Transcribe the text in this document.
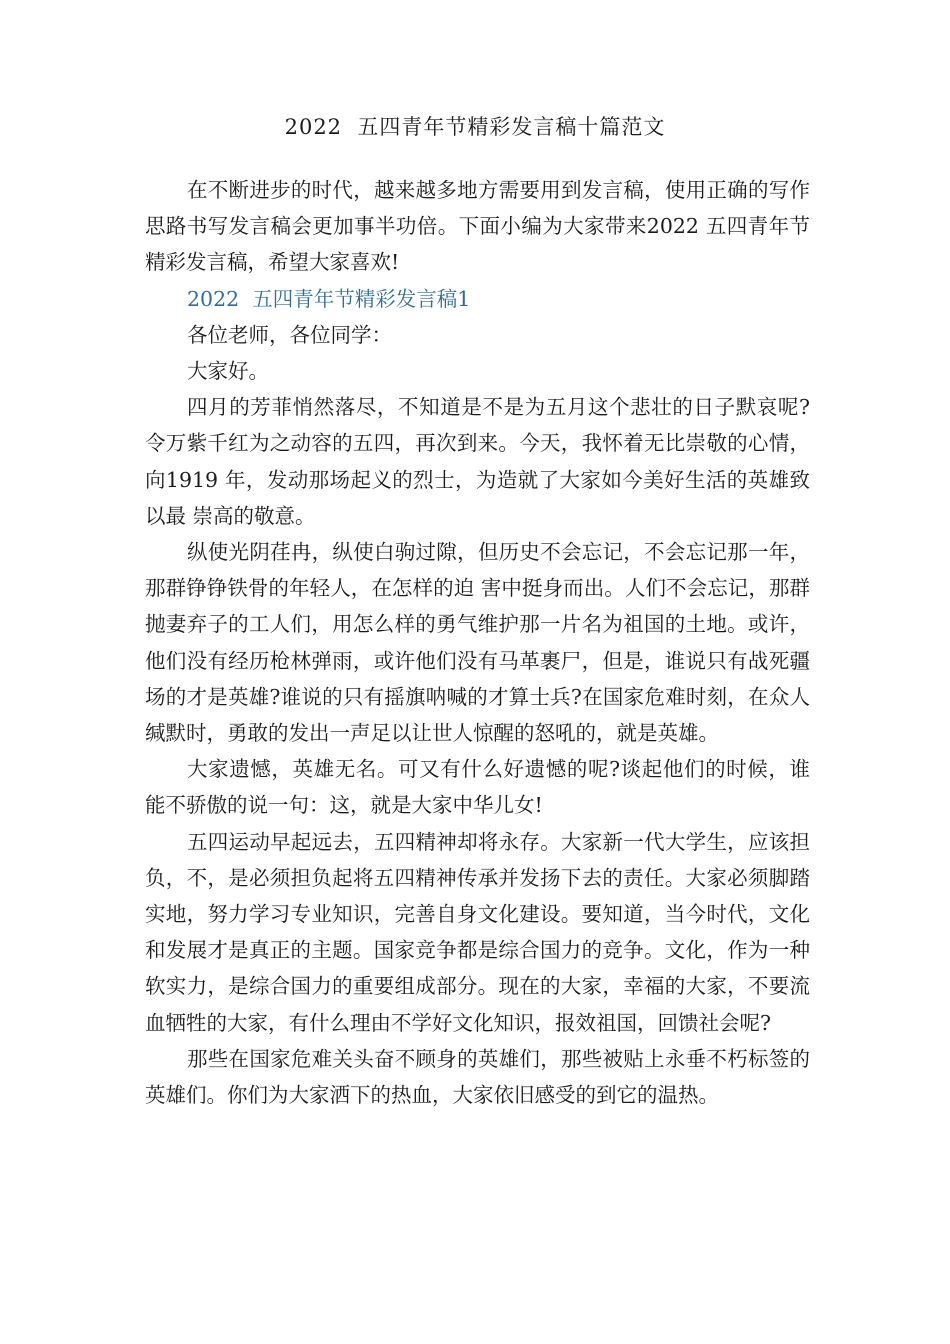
2022  五四青年节精彩发言稿十篇范文

在不断进步的时代，越来越多地方需要用到发言稿，使用正确的写作思路书写发言稿会更加事半功倍。下面小编为大家带来2022 五四青年节精彩发言稿，希望大家喜欢!

2022  五四青年节精彩发言稿1

各位老师，各位同学：

大家好。

四月的芳菲悄然落尽，不知道是不是为五月这个悲壮的日子默哀呢?令万紫千红为之动容的五四，再次到来。今天，我怀着无比崇敬的心情，向1919 年，发动那场起义的烈士，为造就了大家如今美好生活的英雄致以最 崇高的敬意。

纵使光阴荏冉，纵使白驹过隙，但历史不会忘记，不会忘记那一年，那群铮铮铁骨的年轻人，在怎样的迫 害中挺身而出。人们不会忘记，那群抛妻弃子的工人们，用怎么样的勇气维护那一片名为祖国的土地。或许，他们没有经历枪林弹雨，或许他们没有马革裹尸，但是，谁说只有战死疆场的才是英雄?谁说的只有摇旗呐喊的才算士兵?在国家危难时刻，在众人缄默时，勇敢的发出一声足以让世人惊醒的怒吼的，就是英雄。

大家遗憾，英雄无名。可又有什么好遗憾的呢?谈起他们的时候，谁能不骄傲的说一句：这，就是大家中华儿女!

五四运动早起远去，五四精神却将永存。大家新一代大学生，应该担负，不，是必须担负起将五四精神传承并发扬下去的责任。大家必须脚踏实地，努力学习专业知识，完善自身文化建设。要知道，当今时代，文化和发展才是真正的主题。国家竞争都是综合国力的竞争。文化，作为一种软实力，是综合国力的重要组成部分。现在的大家，幸福的大家，不要流血牺牲的大家，有什么理由不学好文化知识，报效祖国，回馈社会呢?

那些在国家危难关头奋不顾身的英雄们，那些被贴上永垂不朽标签的英雄们。你们为大家洒下的热血，大家依旧感受的到它的温热。
